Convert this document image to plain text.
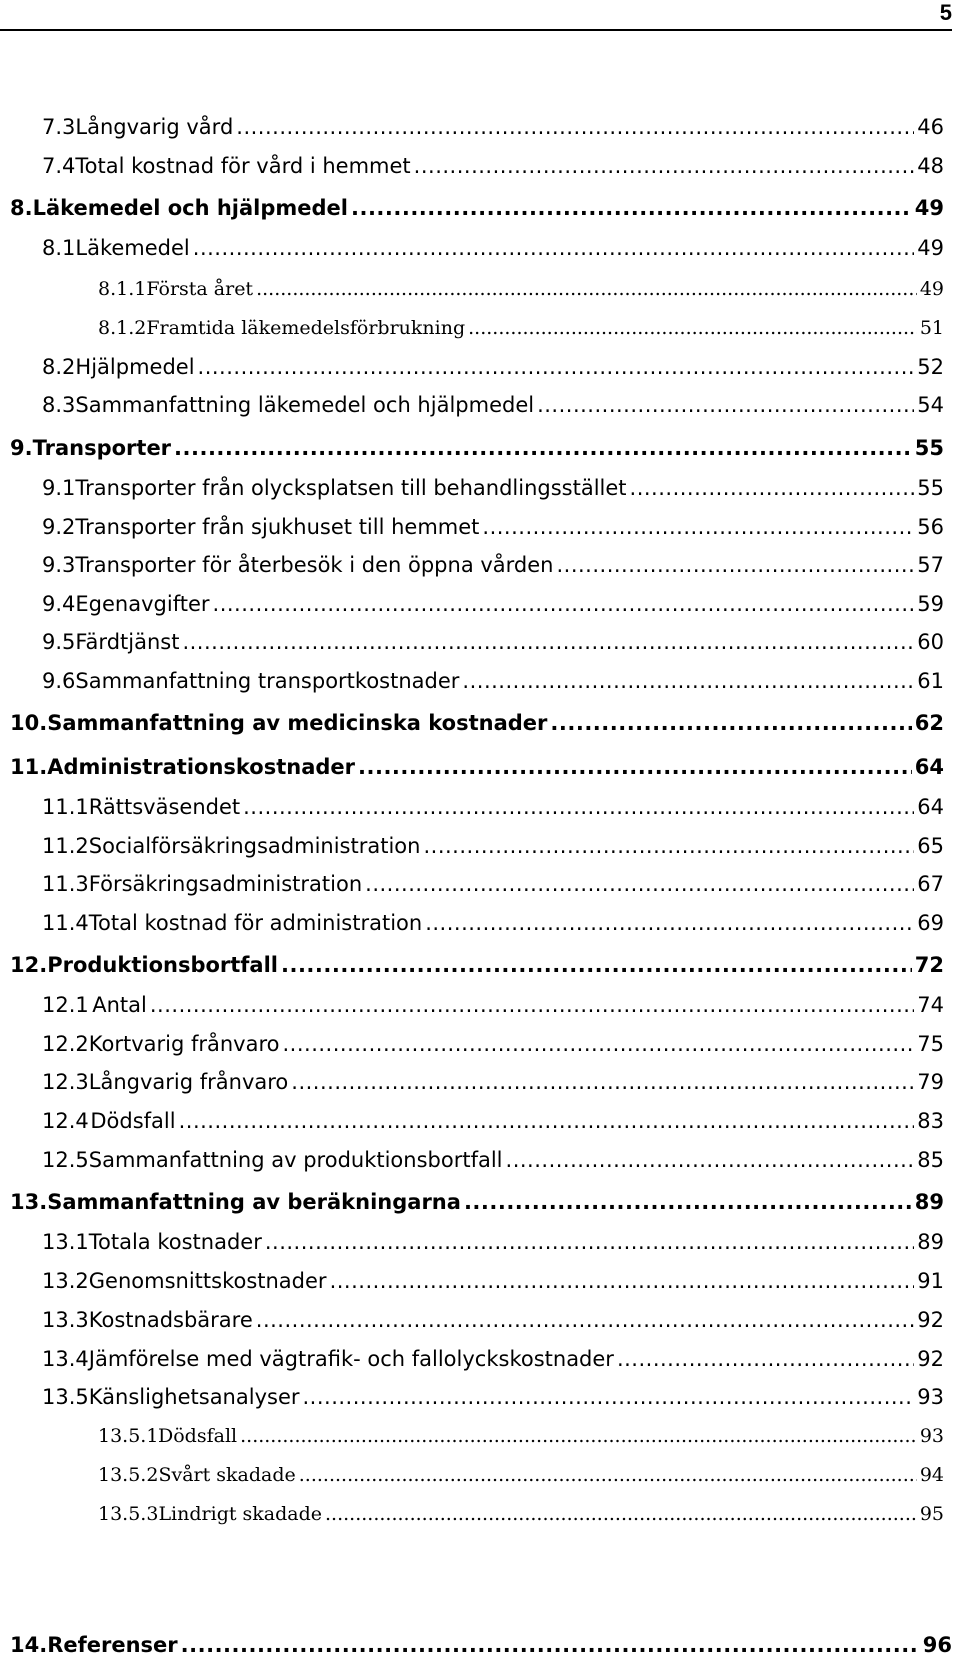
5
7.3 Långvarig vård .....	46
7.4 Total kostnad för vård i hemmet .....	48
8. Läkemedel och hjälpmedel .....	49
8.1 Läkemedel .....	49
8.1.1 Första året .....	49
8.1.2 Framtida läkemedelsförbrukning .....	51
8.2 Hjälpmedel .....	52
8.3 Sammanfattning läkemedel och hjälpmedel .....	54
9. Transporter .....	55
9.1 Transporter från olycksplatsen till behandlingsstället .....	55
9.2 Transporter från sjukhuset till hemmet .....	56
9.3 Transporter för återbesök i den öppna vården .....	57
9.4 Egenavgifter .....	59
9.5 Färdtjänst .....	60
9.6 Sammanfattning transportkostnader .....	61
10. Sammanfattning av medicinska kostnader .....	62
11. Administrationskostnader .....	64
11.1 Rättsväsendet .....	64
11.2 Socialförsäkringsadministration .....	65
11.3 Försäkringsadministration .....	67
11.4 Total kostnad för administration .....	69
12. Produktionsbortfall .....	72
12.1 Antal .....	74
12.2 Kortvarig frånvaro .....	75
12.3 Långvarig frånvaro .....	79
12.4 Dödsfall .....	83
12.5 Sammanfattning av produktionsbortfall .....	85
13. Sammanfattning av beräkningarna .....	89
13.1 Totala kostnader .....	89
13.2 Genomsnittskostnader .....	91
13.3 Kostnadsbärare .....	92
13.4 Jämförelse med vägtrafik- och fallolyckskostnader .....	92
13.5 Känslighetsanalyser .....	93
13.5.1 Dödsfall .....	93
13.5.2 Svårt skadade .....	94
13.5.3 Lindrigt skadade .....	95
14. Referenser .....	96
